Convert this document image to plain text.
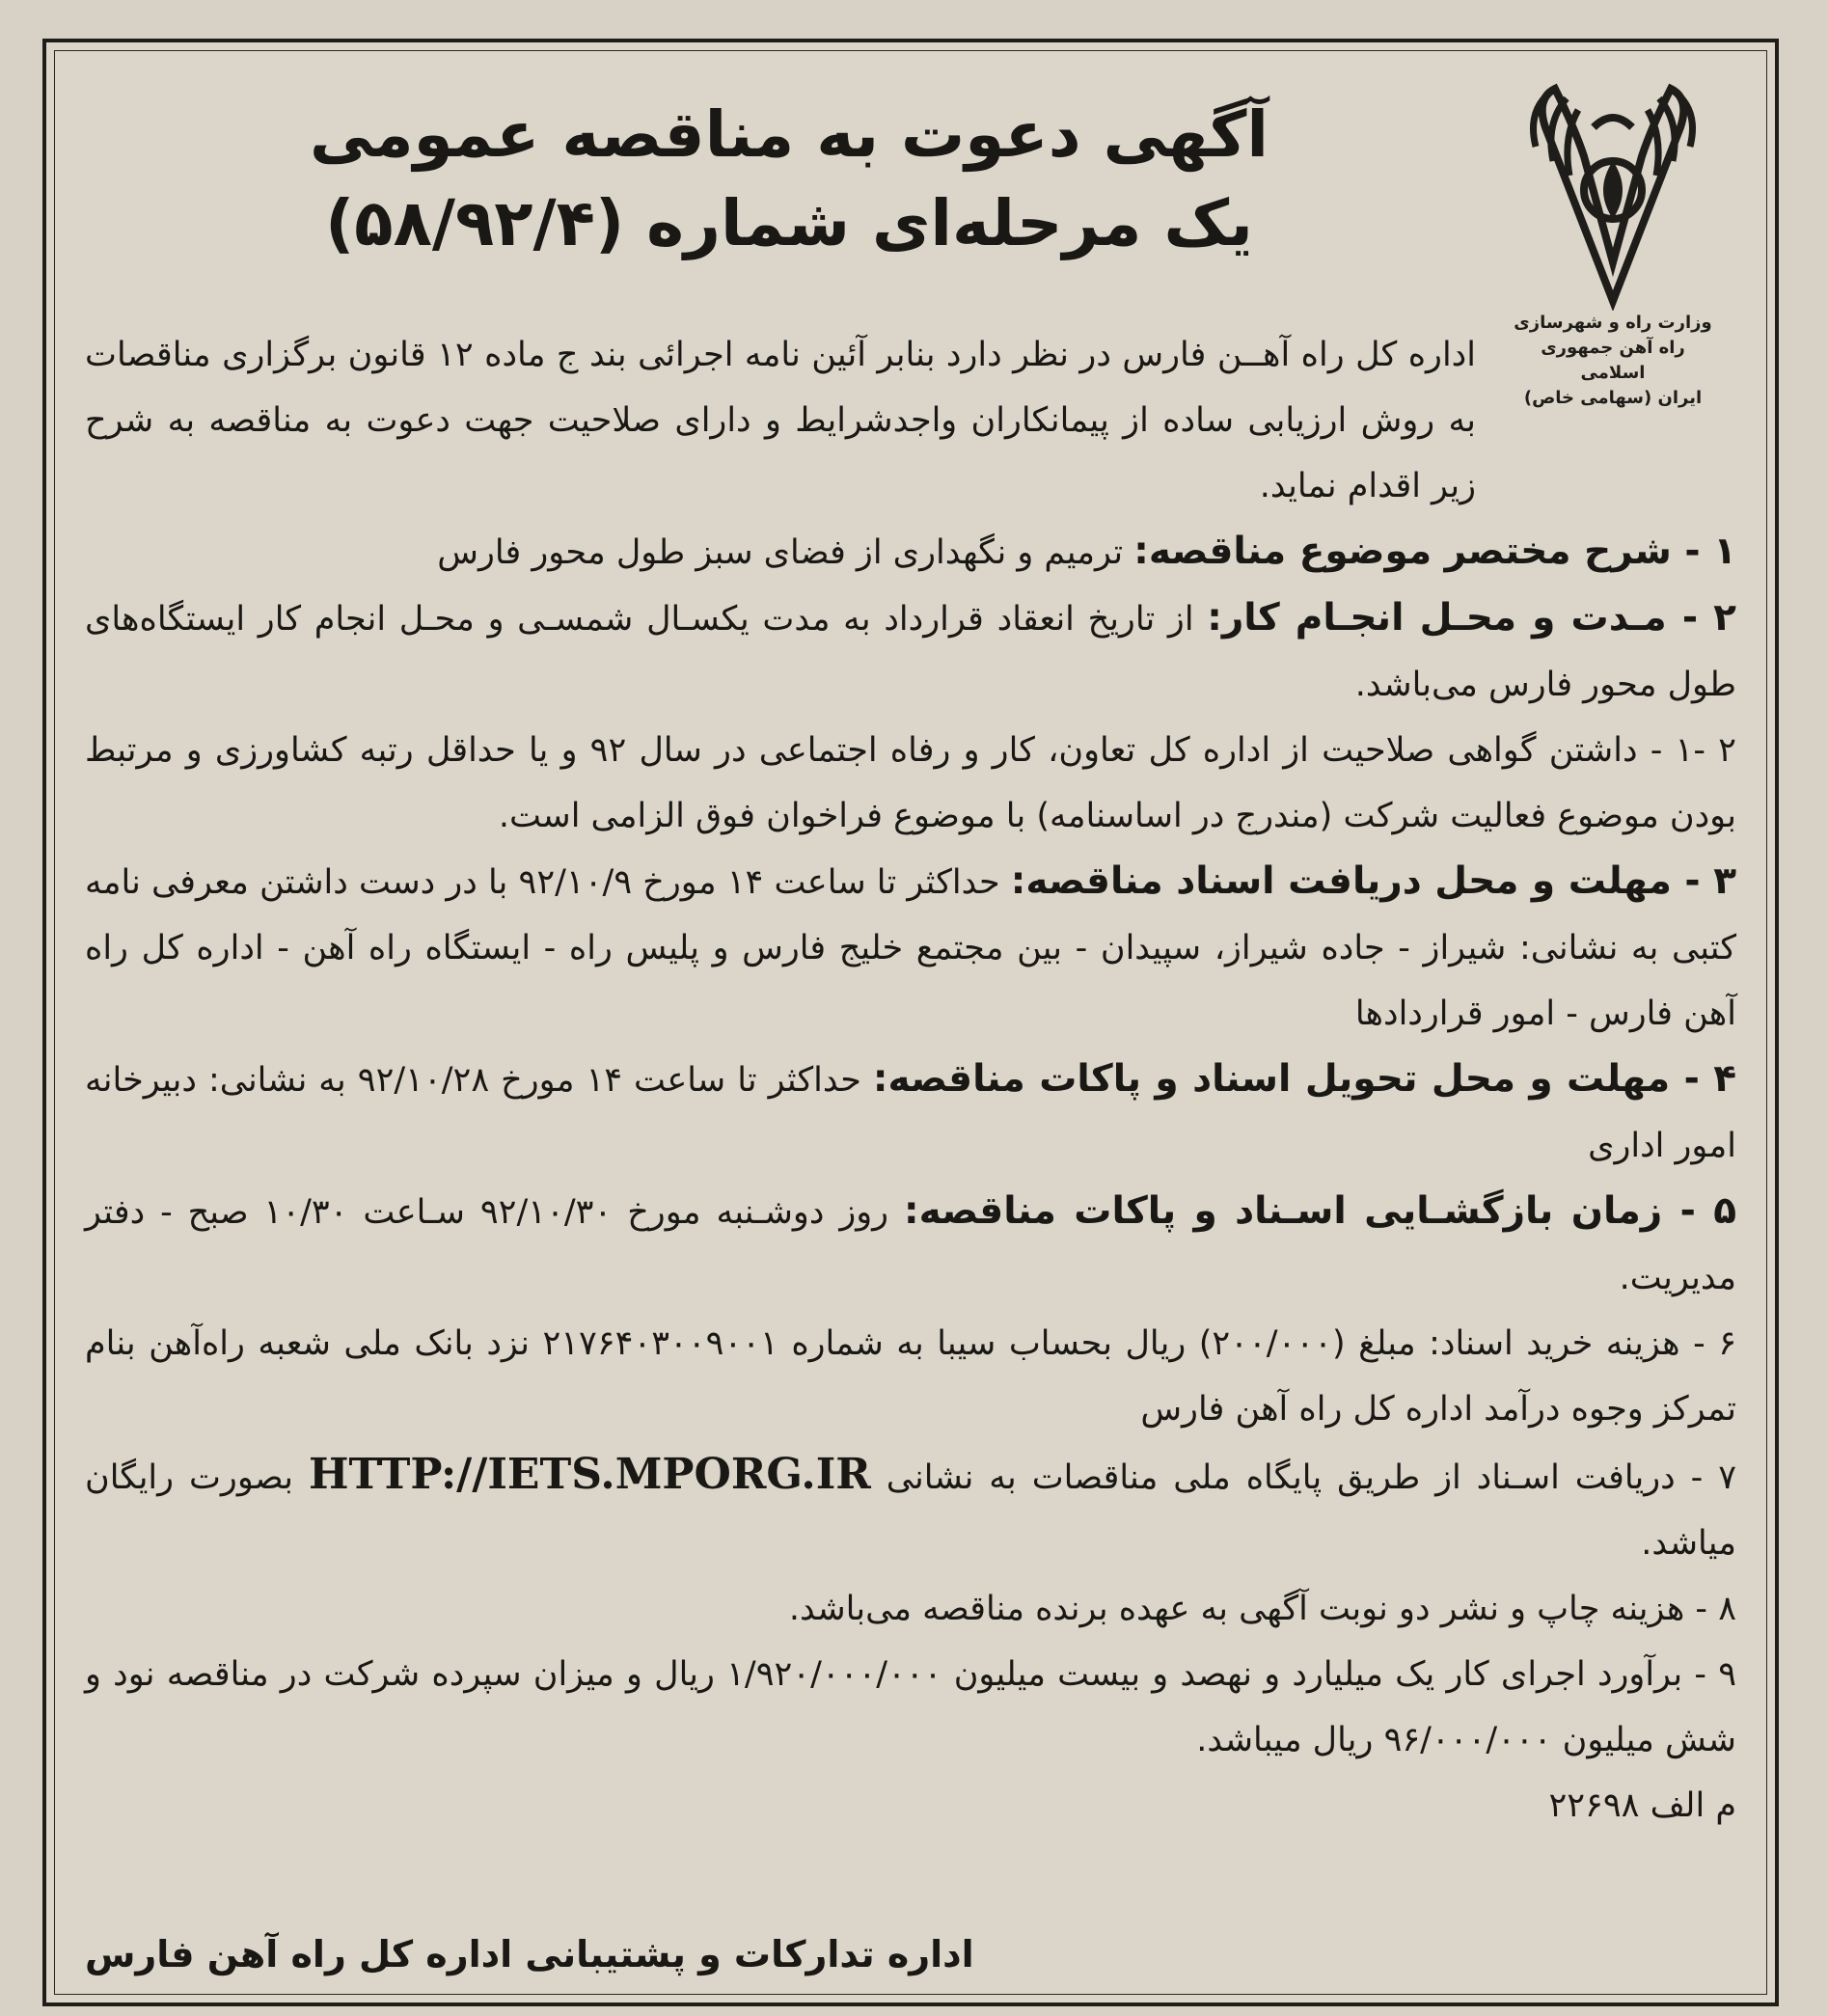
وزارت راه و شهرسازی
راه آهن جمهوری اسلامی
ایران (سهامی خاص)
آگهی دعوت به مناقصه عمومی
یک مرحله‌ای شماره (۵۸/۹۲/۴)

اداره کل راه آهــن فارس در نظر دارد بنابر آئین نامه اجرائی بند ج ماده ۱۲ قانون برگزاری مناقصات به روش ارزیابی ساده از پیمانکاران واجدشرایط و دارای صلاحیت جهت دعوت به مناقصه به شرح زیر اقدام نماید.

۱ - شرح مختصر موضوع مناقصه: ترمیم و نگهداری از فضای سبز طول محور فارس

۲ - مـدت و محـل انجـام کار: از تاریخ انعقاد قرارداد به مدت یکسـال شمسـی و محـل انجام کار ایستگاه‌های طول محور فارس می‌باشد.

۲ -۱ - داشتن گواهی صلاحیت از اداره کل تعاون، کار و رفاه اجتماعی در سال ۹۲ و یا حداقل رتبه کشاورزی و مرتبط بودن موضوع فعالیت شرکت (مندرج در اساسنامه) با موضوع فراخوان فوق الزامی است.

۳ - مهلت و محل دریافت اسناد مناقصه: حداکثر تا ساعت ۱۴ مورخ ۹۲/۱۰/۹ با در دست داشتن معرفی نامه کتبی به نشانی: شیراز - جاده شیراز، سپیدان - بین مجتمع خلیج فارس و پلیس راه - ایستگاه راه آهن - اداره کل راه آهن فارس - امور قراردادها

۴ - مهلت و محل تحویل اسناد و پاکات مناقصه: حداکثر تا ساعت ۱۴ مورخ ۹۲/۱۰/۲۸ به نشانی: دبیرخانه امور اداری

۵ - زمان بازگشـایی اسـناد و پاکات مناقصه: روز دوشـنبه مورخ ۹۲/۱۰/۳۰ سـاعت ۱۰/۳۰ صبح - دفتر مدیریت.

۶ - هزینه خرید اسناد: مبلغ (۲۰۰/۰۰۰) ریال بحساب سیبا به شماره ۲۱۷۶۴۰۳۰۰۹۰۰۱ نزد بانک ملی شعبه راه‌آهن بنام تمرکز وجوه درآمد اداره کل راه آهن فارس

۷ - دریافت اسـناد از طریق پایگاه ملی مناقصات به نشانی HTTP://IETS.MPORG.IR بصورت رایگان میاشد.

۸ - هزینه چاپ و نشر دو نوبت آگهی به عهده برنده مناقصه می‌باشد.

۹ - برآورد اجرای کار یک میلیارد و نهصد و بیست میلیون ۱/۹۲۰/۰۰۰/۰۰۰ ریال و میزان سپرده شرکت در مناقصه نود و شش میلیون ۹۶/۰۰۰/۰۰۰ ریال میباشد.

م الف ۲۲۶۹۸

اداره تدارکات و پشتیبانی اداره کل راه آهن فارس
